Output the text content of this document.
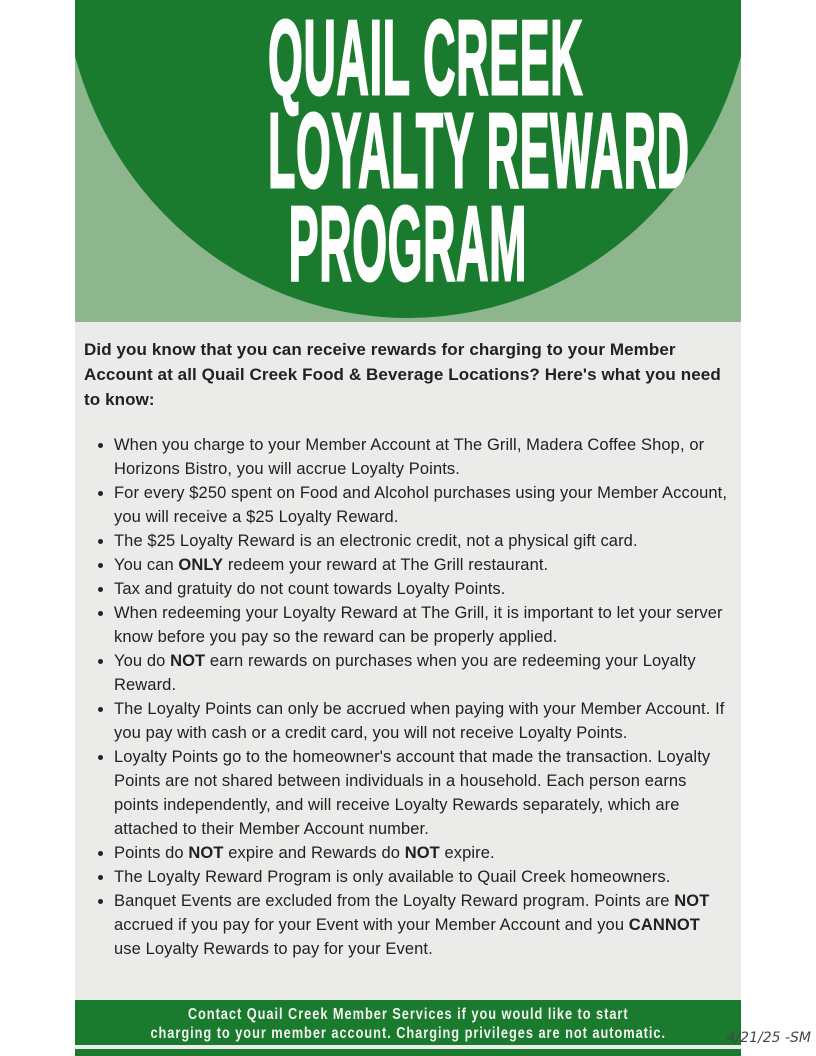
QUAIL CREEK
LOYALTY REWARD
PROGRAM

Did you know that you can receive rewards for charging to your Member Account at all Quail Creek Food & Beverage Locations? Here's what you need to know:

• When you charge to your Member Account at The Grill, Madera Coffee Shop, or Horizons Bistro, you will accrue Loyalty Points.
• For every $250 spent on Food and Alcohol purchases using your Member Account, you will receive a $25 Loyalty Reward.
• The $25 Loyalty Reward is an electronic credit, not a physical gift card.
• You can ONLY redeem your reward at The Grill restaurant.
• Tax and gratuity do not count towards Loyalty Points.
• When redeeming your Loyalty Reward at The Grill, it is important to let your server know before you pay so the reward can be properly applied.
• You do NOT earn rewards on purchases when you are redeeming your Loyalty Reward.
• The Loyalty Points can only be accrued when paying with your Member Account. If you pay with cash or a credit card, you will not receive Loyalty Points.
• Loyalty Points go to the homeowner's account that made the transaction. Loyalty Points are not shared between individuals in a household. Each person earns points independently, and will receive Loyalty Rewards separately, which are attached to their Member Account number.
• Points do NOT expire and Rewards do NOT expire.
• The Loyalty Reward Program is only available to Quail Creek homeowners.
• Banquet Events are excluded from the Loyalty Reward program. Points are NOT accrued if you pay for your Event with your Member Account and you CANNOT use Loyalty Rewards to pay for your Event.
Contact Quail Creek Member Services if you would like to start
charging to your member account. Charging privileges are not automatic.	4/21/25 -SM
